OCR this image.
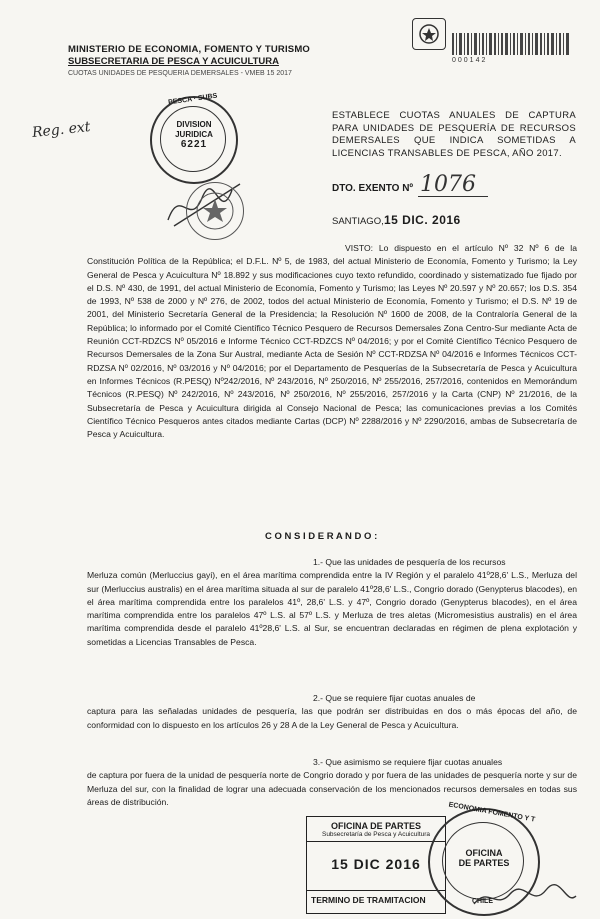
MINISTERIO DE ECONOMIA, FOMENTO Y TURISMO
SUBSECRETARIA DE PESCA Y ACUICULTURA
CUOTAS UNIDADES DE PESQUERIA DEMERSALES - VMEB 15 2017
000142
Reg. ext	DIVISION
JURIDICA
6221
PESCA · SUBS
ESTABLECE CUOTAS ANUALES DE CAPTURA PARA UNIDADES DE PESQUERÍA DE RECURSOS DEMERSALES QUE INDICA SOMETIDAS A LICENCIAS TRANSABLES DE PESCA, AÑO 2017.
DTO. EXENTO Nº 1076
SANTIAGO, 15 DIC. 2016
VISTO: Lo dispuesto en el artículo Nº 32 Nº 6 de la Constitución Política de la República; el D.F.L. Nº 5, de 1983, del actual Ministerio de Economía, Fomento y Turismo; la Ley General de Pesca y Acuicultura Nº 18.892 y sus modificaciones cuyo texto refundido, coordinado y sistematizado fue fijado por el D.S. Nº 430, de 1991, del actual Ministerio de Economía, Fomento y Turismo; las Leyes Nº 20.597 y Nº 20.657; los D.S. 354 de 1993, Nº 538 de 2000 y Nº 276, de 2002, todos del actual Ministerio de Economía, Fomento y Turismo; el D.S. Nº 19 de 2001, del Ministerio Secretaría General de la Presidencia; la Resolución Nº 1600 de 2008, de la Contraloría General de la República; lo informado por el Comité Científico Técnico Pesquero de Recursos Demersales Zona Centro-Sur mediante Acta de Reunión CCT-RDZCS Nº 05/2016 e Informe Técnico CCT-RDZCS Nº 04/2016; y por el Comité Científico Técnico Pesquero de Recursos Demersales de la Zona Sur Austral, mediante Acta de Sesión Nº CCT-RDZSA Nº 04/2016 e Informes Técnicos CCT-RDZSA Nº 02/2016, Nº 03/2016 y Nº 04/2016; por el Departamento de Pesquerías de la Subsecretaría de Pesca y Acuicultura en Informes Técnicos (R.PESQ) Nº242/2016, Nº 243/2016, Nº 250/2016, Nº 255/2016, 257/2016, contenidos en Memorándum Técnicos (R.PESQ) Nº 242/2016, Nº 243/2016, Nº 250/2016, Nº 255/2016, 257/2016 y la Carta (CNP) Nº 21/2016, de la Subsecretaría de Pesca y Acuicultura dirigida al Consejo Nacional de Pesca; las comunicaciones previas a los Comités Científico Técnico Pesqueros antes citados mediante Cartas (DCP) Nº 2288/2016 y Nº 2290/2016, ambas de Subsecretaría de Pesca y Acuicultura.
C O N S I D E R A N D O :
1.- Que las unidades de pesquería de los recursos
Merluza común (Merluccius gayi), en el área marítima comprendida entre la IV Región y el paralelo 41º28,6' L.S., Merluza del sur (Merluccius australis) en el área marítima situada al sur de paralelo 41º28,6' L.S., Congrio dorado (Genypterus blacodes), en el área marítima comprendida entre los paralelos 41º, 28,6' L.S. y 47º, Congrio dorado (Genypterus blacodes), en el área marítima comprendida entre los paralelos 47º L.S. al 57º L.S. y Merluza de tres aletas (Micromesistius australis) en el área marítima comprendida desde el paralelo 41º28,6' L.S. al Sur, se encuentran declaradas en régimen de plena explotación y sometidas a Licencias Transables de Pesca.
2.- Que se requiere fijar cuotas anuales de
captura para las señaladas unidades de pesquería, las que podrán ser distribuidas en dos o más épocas del año, de conformidad con lo dispuesto en los artículos 26 y 28 A de la Ley General de Pesca y Acuicultura.
3.- Que asimismo se requiere fijar cuotas anuales
de captura por fuera de la unidad de pesquería norte de Congrio dorado y por fuera de las unidades de pesquería norte y sur de Merluza del sur, con la finalidad de lograr una adecuada conservación de los mencionados recursos demersales en todas sus áreas de distribución.
OFICINA DE PARTES
Subsecretaría de Pesca y Acuicultura
15 DIC 2016
TERMINO DE TRAMITACION
ECONOMIA FOMENTO Y T
OFICINA
DE PARTES
CHILE
